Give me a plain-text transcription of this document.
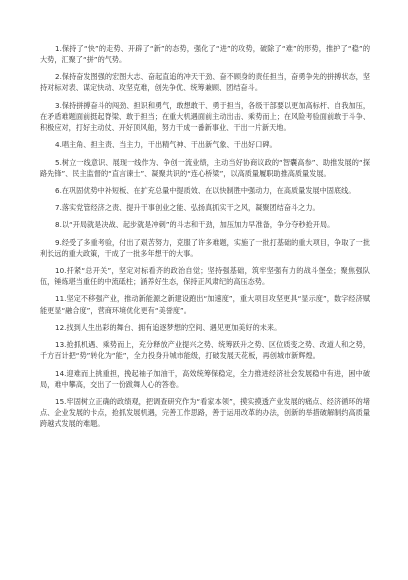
1.保持了“快”的走势、开辟了“新”的态势，强化了“进”的攻势，破除了“难”的形势，推护了“稳”的大势，汇聚了“拼”的气势。

2.保持奋发图强的宏图大志、奋起直追的冲天干劲、奋不顾身的责任担当，奋勇争先的拼搏状态，坚持对标对表、谋定快动、攻坚克难，创先争优、统筹兼顾、团结奋斗。

3.保持拼搏奋斗的闯劲、担识和勇气，敢想敢干、勇于担当，各级干部要以更加高标杆、自我加压，在矛盾难题面前挺起脊梁、敢于担当；在重大机遇面前主动出击、乘势而上；在风险考验面前敢于斗争、积极应对，打好主动仗、开好顶风船，努力干成一番新事业、干出一片新天地。

4.唱主角、担主责、当主力，干出精气神、干出新气象、干出好口碑。

5.树立一线意识、展现一线作为、争创一流业绩，主动当好协商议政的“智囊高参”、助推发展的“探路先锋”、民主监督的“直言谏士”、凝聚共识的“连心桥梁”，以高质量履职助推高质量发展。

6.在巩固优势中补短板、在扩充总量中提质效、在以快制胜中强动力，在高质量发展中固底线。

7.落实党管经济之责、提升干事创业之能、弘扬真抓实干之风，凝聚团结奋斗之力。

8.以“开局就是决战、起步就是冲刺”的斗志和干劲，加压加力早准备，争分夺秒抢开局。

9.经受了多重考验，付出了艰苦努力，克服了许多难题，实施了一批打基础的重大项目，争取了一批利长远的重大政策，干成了一批多年想干的大事。

10.扦紧“总开关”，坚定对标看齐的政治自觉；坚持强基础，筑牢坚强有力的战斗堡垒；聚焦强队伍，锤炼堪当重任的中流砥柱；涵养好生态，保持正风肃纪的高压态势。

11.坚定不移强产业，推动新能源之新建设跑出“加速度”，重大项目攻坚更具“显示度”，数字经济赋能更显“融合度”，营商环境优化更有“美誉度”。

12.找到人生出彩的舞台、拥有追逐梦想的空间、遇见更加美好的未来。

13.抢抓机遇、乘势而上，充分释放产业提兴之势、统筹跃升之势、区位质变之势、改道人和之势，千方百计把“势”转化为“能”，全力投身升城市能级，打破发展天花板，再创城市新辉煌。

14.迎难而上挑重担，挽起袖子加油干，高效统筹保稳定，全力推进经济社会发展稳中有进，困中破局，难中攀高，交出了一份跋舞人心的答卷。

15.牢固树立正确的政绩观，把调查研究作为“看家本领”，摸实摸透产业发展的痛点、经济循环的堵点、企业发展的卡点，抢抓发展机遇，完善工作思路，善于运用改革的办法，创新的举措破解制约高质量跨越式发展的难题。
